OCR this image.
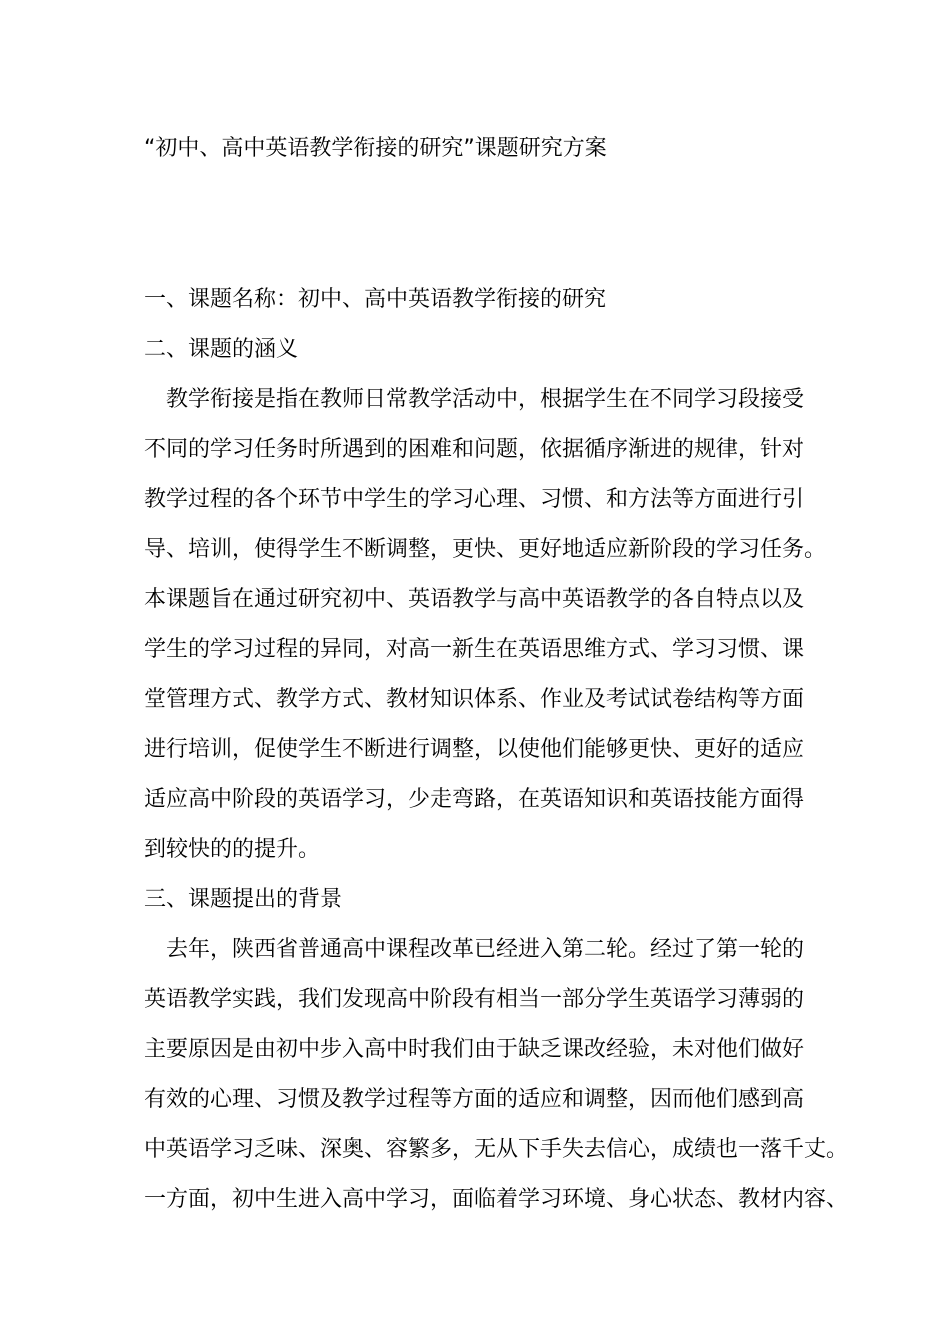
“初中、高中英语教学衔接的研究”课题研究方案
一、课题名称：初中、高中英语教学衔接的研究
二、课题的涵义
　教学衔接是指在教师日常教学活动中，根据学生在不同学习段接受
不同的学习任务时所遇到的困难和问题，依据循序渐进的规律，针对
教学过程的各个环节中学生的学习心理、习惯、和方法等方面进行引
导、培训，使得学生不断调整，更快、更好地适应新阶段的学习任务。
本课题旨在通过研究初中、英语教学与高中英语教学的各自特点以及
学生的学习过程的异同，对高一新生在英语思维方式、学习习惯、课
堂管理方式、教学方式、教材知识体系、作业及考试试卷结构等方面
进行培训，促使学生不断进行调整，以使他们能够更快、更好的适应
适应高中阶段的英语学习，少走弯路，在英语知识和英语技能方面得
到较快的的提升。
三、课题提出的背景
　去年，陕西省普通高中课程改革已经进入第二轮。经过了第一轮的
英语教学实践，我们发现高中阶段有相当一部分学生英语学习薄弱的
主要原因是由初中步入高中时我们由于缺乏课改经验，未对他们做好
有效的心理、习惯及教学过程等方面的适应和调整，因而他们感到高
中英语学习乏味、深奥、容繁多，无从下手失去信心，成绩也一落千丈。
一方面，初中生进入高中学习，面临着学习环境、身心状态、教材内容、
